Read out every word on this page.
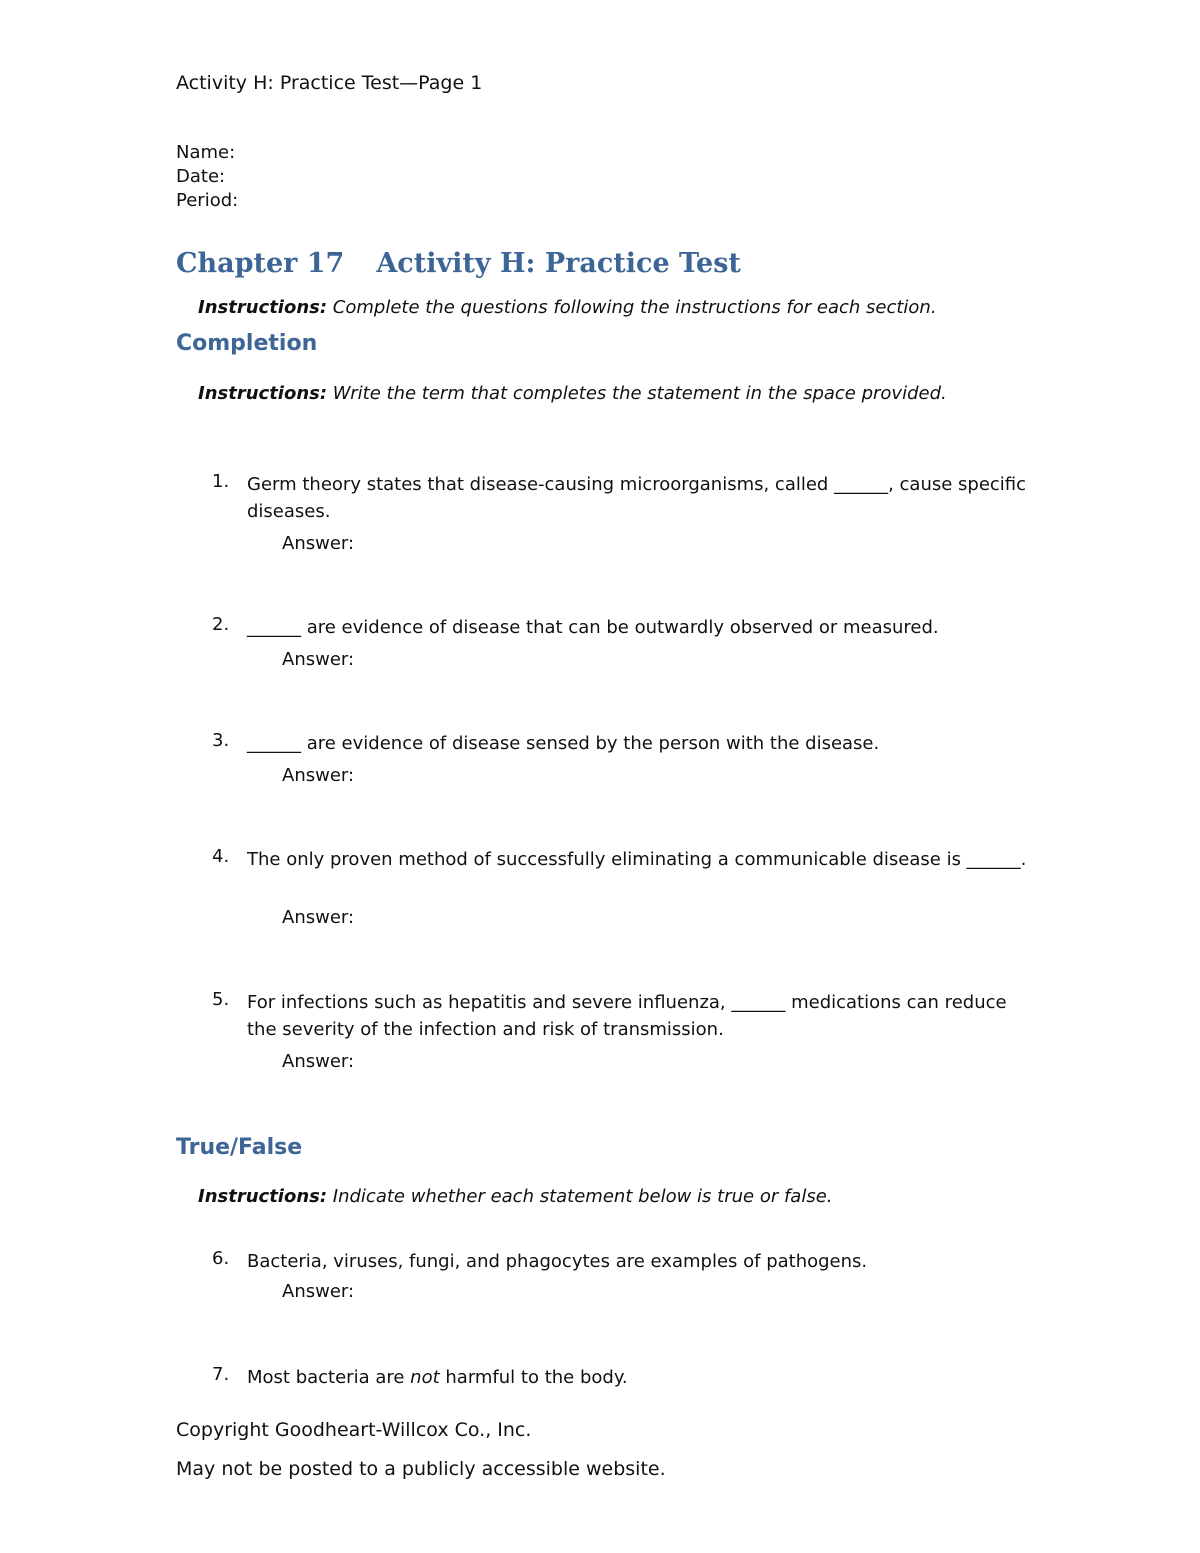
Activity H: Practice Test—Page 1
Name:
Date:
Period:
Chapter 17 Activity H: Practice Test
Instructions: Complete the questions following the instructions for each section.
Completion
Instructions: Write the term that completes the statement in the space provided.
1. Germ theory states that disease-causing microorganisms, called ______, cause specific diseases.
Answer:
2. ______ are evidence of disease that can be outwardly observed or measured.
Answer:
3. ______ are evidence of disease sensed by the person with the disease.
Answer:
4. The only proven method of successfully eliminating a communicable disease is ______.
Answer:
5. For infections such as hepatitis and severe influenza, ______ medications can reduce the severity of the infection and risk of transmission.
Answer:
True/False
Instructions: Indicate whether each statement below is true or false.
6. Bacteria, viruses, fungi, and phagocytes are examples of pathogens.
Answer:
7. Most bacteria are not harmful to the body.
Copyright Goodheart-Willcox Co., Inc.
May not be posted to a publicly accessible website.
